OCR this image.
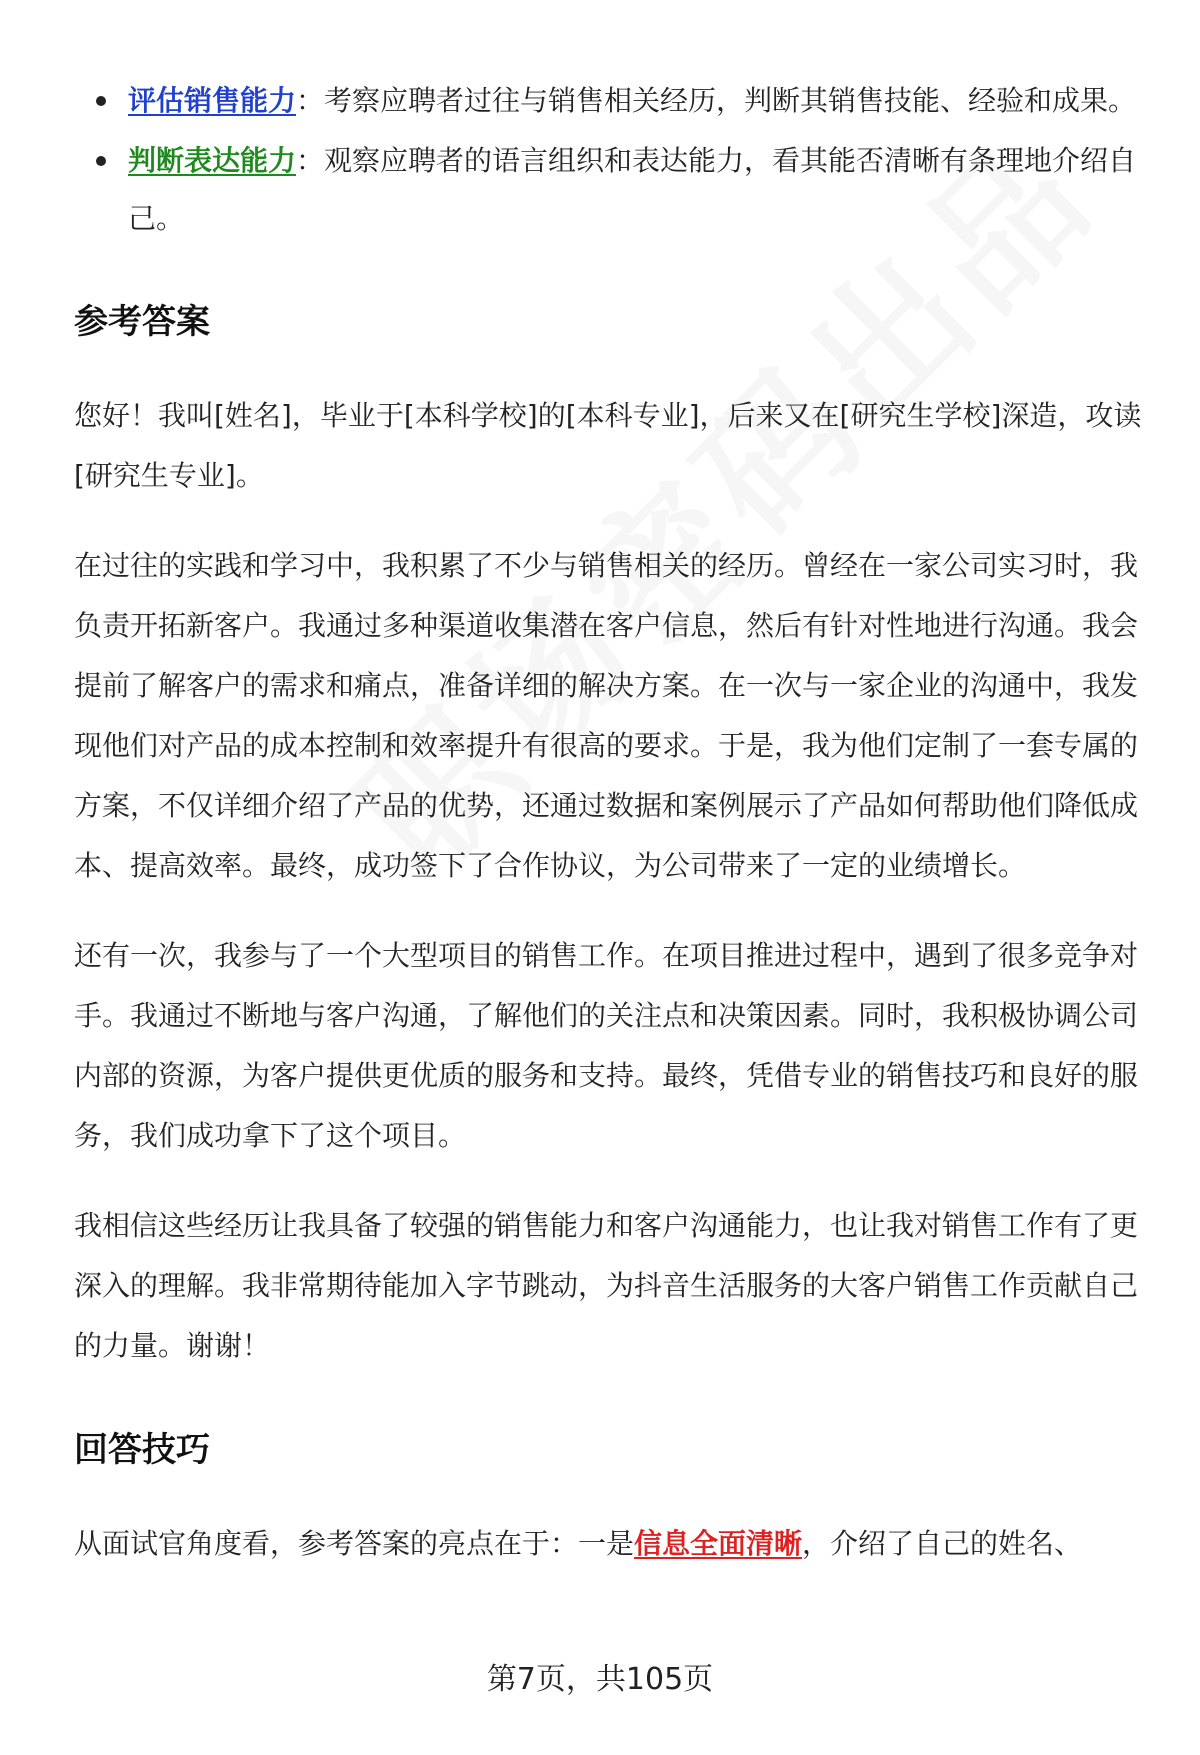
评估销售能力：考察应聘者过往与销售相关经历，判断其销售技能、经验和成果。
判断表达能力：观察应聘者的语言组织和表达能力，看其能否清晰有条理地介绍自己。
参考答案

您好！我叫[姓名]，毕业于[本科学校]的[本科专业]，后来又在[研究生学校]深造，攻读[研究生专业]。

在过往的实践和学习中，我积累了不少与销售相关的经历。曾经在一家公司实习时，我负责开拓新客户。我通过多种渠道收集潜在客户信息，然后有针对性地进行沟通。我会提前了解客户的需求和痛点，准备详细的解决方案。在一次与一家企业的沟通中，我发现他们对产品的成本控制和效率提升有很高的要求。于是，我为他们定制了一套专属的方案，不仅详细介绍了产品的优势，还通过数据和案例展示了产品如何帮助他们降低成本、提高效率。最终，成功签下了合作协议，为公司带来了一定的业绩增长。

还有一次，我参与了一个大型项目的销售工作。在项目推进过程中，遇到了很多竞争对手。我通过不断地与客户沟通，了解他们的关注点和决策因素。同时，我积极协调公司内部的资源，为客户提供更优质的服务和支持。最终，凭借专业的销售技巧和良好的服务，我们成功拿下了这个项目。

我相信这些经历让我具备了较强的销售能力和客户沟通能力，也让我对销售工作有了更深入的理解。我非常期待能加入字节跳动，为抖音生活服务的大客户销售工作贡献自己的力量。谢谢！

回答技巧

从面试官角度看，参考答案的亮点在于：一是信息全面清晰，介绍了自己的姓名、

第7页，共105页
